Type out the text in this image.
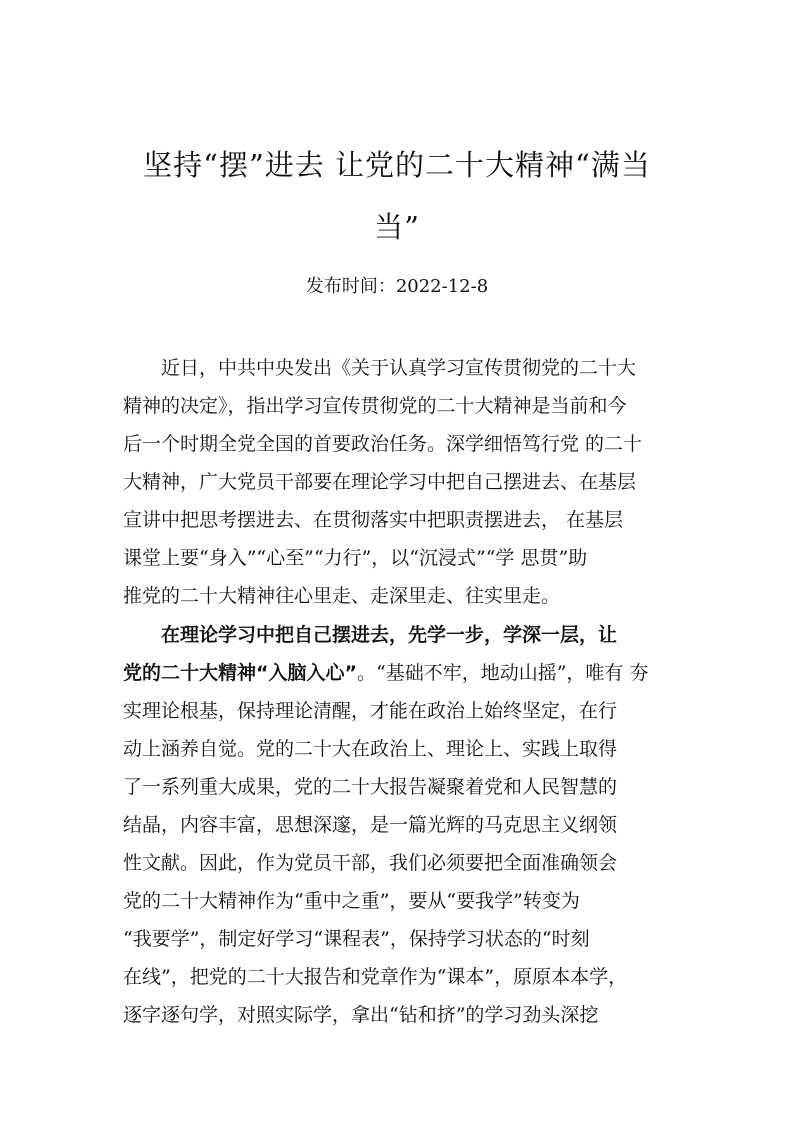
坚持“摆”进去 让党的二十大精神“满当
当”
发布时间：2022-12-8
　　近日，中共中央发出《关于认真学习宣传贯彻党的二十大
精神的决定》，指出学习宣传贯彻党的二十大精神是当前和今
后一个时期全党全国的首要政治任务。深学细悟笃行党 的二十
大精神，广大党员干部要在理论学习中把自己摆进去、在基层
宣讲中把思考摆进去、在贯彻落实中把职责摆进去， 在基层
课堂上要“身入”“心至”“力行”，以“沉浸式”“学 思贯”助
推党的二十大精神往心里走、走深里走、往实里走。
　　在理论学习中把自己摆进去，先学一步，学深一层，让
党的二十大精神“入脑入心”。“基础不牢，地动山摇”，唯有 夯
实理论根基，保持理论清醒，才能在政治上始终坚定，在行
动上涵养自觉。党的二十大在政治上、理论上、实践上取得
了一系列重大成果，党的二十大报告凝聚着党和人民智慧的
结晶，内容丰富，思想深邃，是一篇光辉的马克思主义纲领
性文献。因此，作为党员干部，我们必须要把全面准确领会
党的二十大精神作为“重中之重”，要从“要我学”转变为
“我要学”，制定好学习“课程表”，保持学习状态的“时刻
在线”，把党的二十大报告和党章作为“课本”，原原本本学，
逐字逐句学，对照实际学，拿出“钻和挤”的学习劲头深挖
